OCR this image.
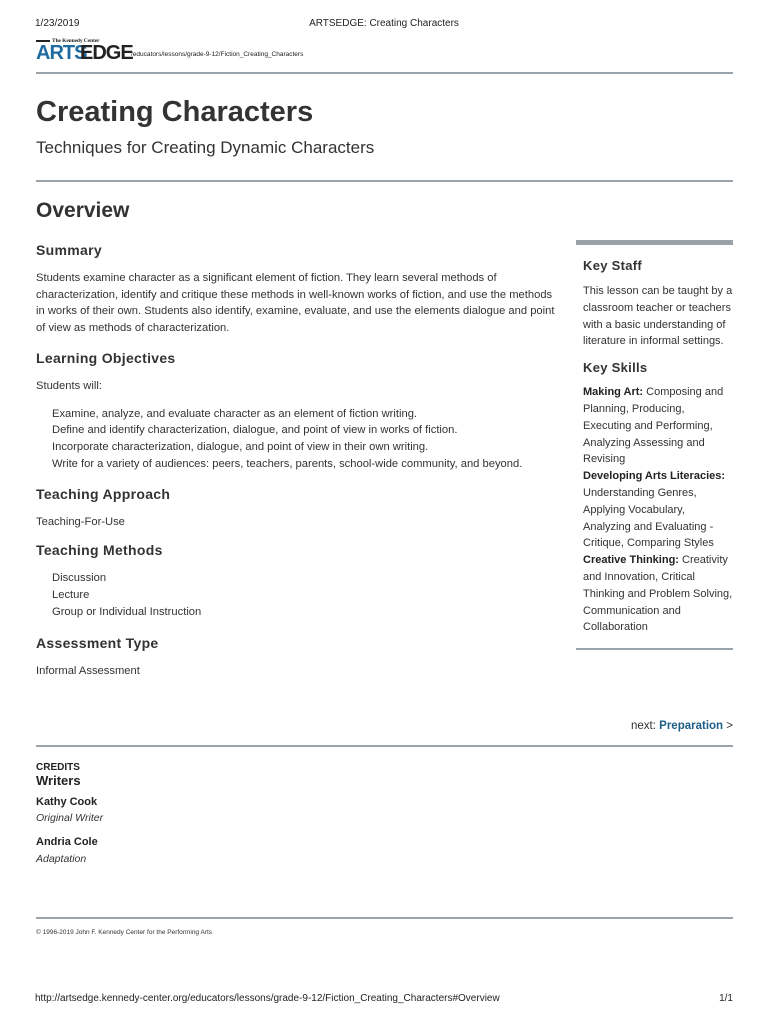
1/23/2019	ARTSEDGE: Creating Characters
The Kennedy Center
ARTS
EDGE
/educators/lessons/grade-9-12/Fiction_Creating_Characters
Creating Characters
Techniques for Creating Dynamic Characters
Overview
Summary

Students examine character as a significant element of fiction. They learn several methods of characterization, identify and critique these methods in well-known works of fiction, and use the methods in works of their own. Students also identify, examine, evaluate, and use the elements dialogue and point of view as methods of characterization.

Learning Objectives

Students will:

Examine, analyze, and evaluate character as an element of fiction writing.
Define and identify characterization, dialogue, and point of view in works of fiction.
Incorporate characterization, dialogue, and point of view in their own writing.
Write for a variety of audiences: peers, teachers, parents, school-wide community, and beyond.
Teaching Approach

Teaching-For-Use

Teaching Methods
Discussion
Lecture
Group or Individual Instruction
Assessment Type

Informal Assessment

Key Staff

This lesson can be taught by a classroom teacher or teachers with a basic understanding of literature in informal settings.

Key Skills
Making Art: Composing and Planning, Producing, Executing and Performing, Analyzing Assessing and Revising
Developing Arts Literacies: Understanding Genres, Applying Vocabulary, Analyzing and Evaluating - Critique, Comparing Styles
Creative Thinking: Creativity and Innovation, Critical Thinking and Problem Solving, Communication and Collaboration
next: Preparation >
CREDITS
Writers
Kathy Cook
Original Writer
Andria Cole
Adaptation
© 1996-2019 John F. Kennedy Center for the Performing Arts
http://artsedge.kennedy-center.org/educators/lessons/grade-9-12/Fiction_Creating_Characters#Overview	1/1
